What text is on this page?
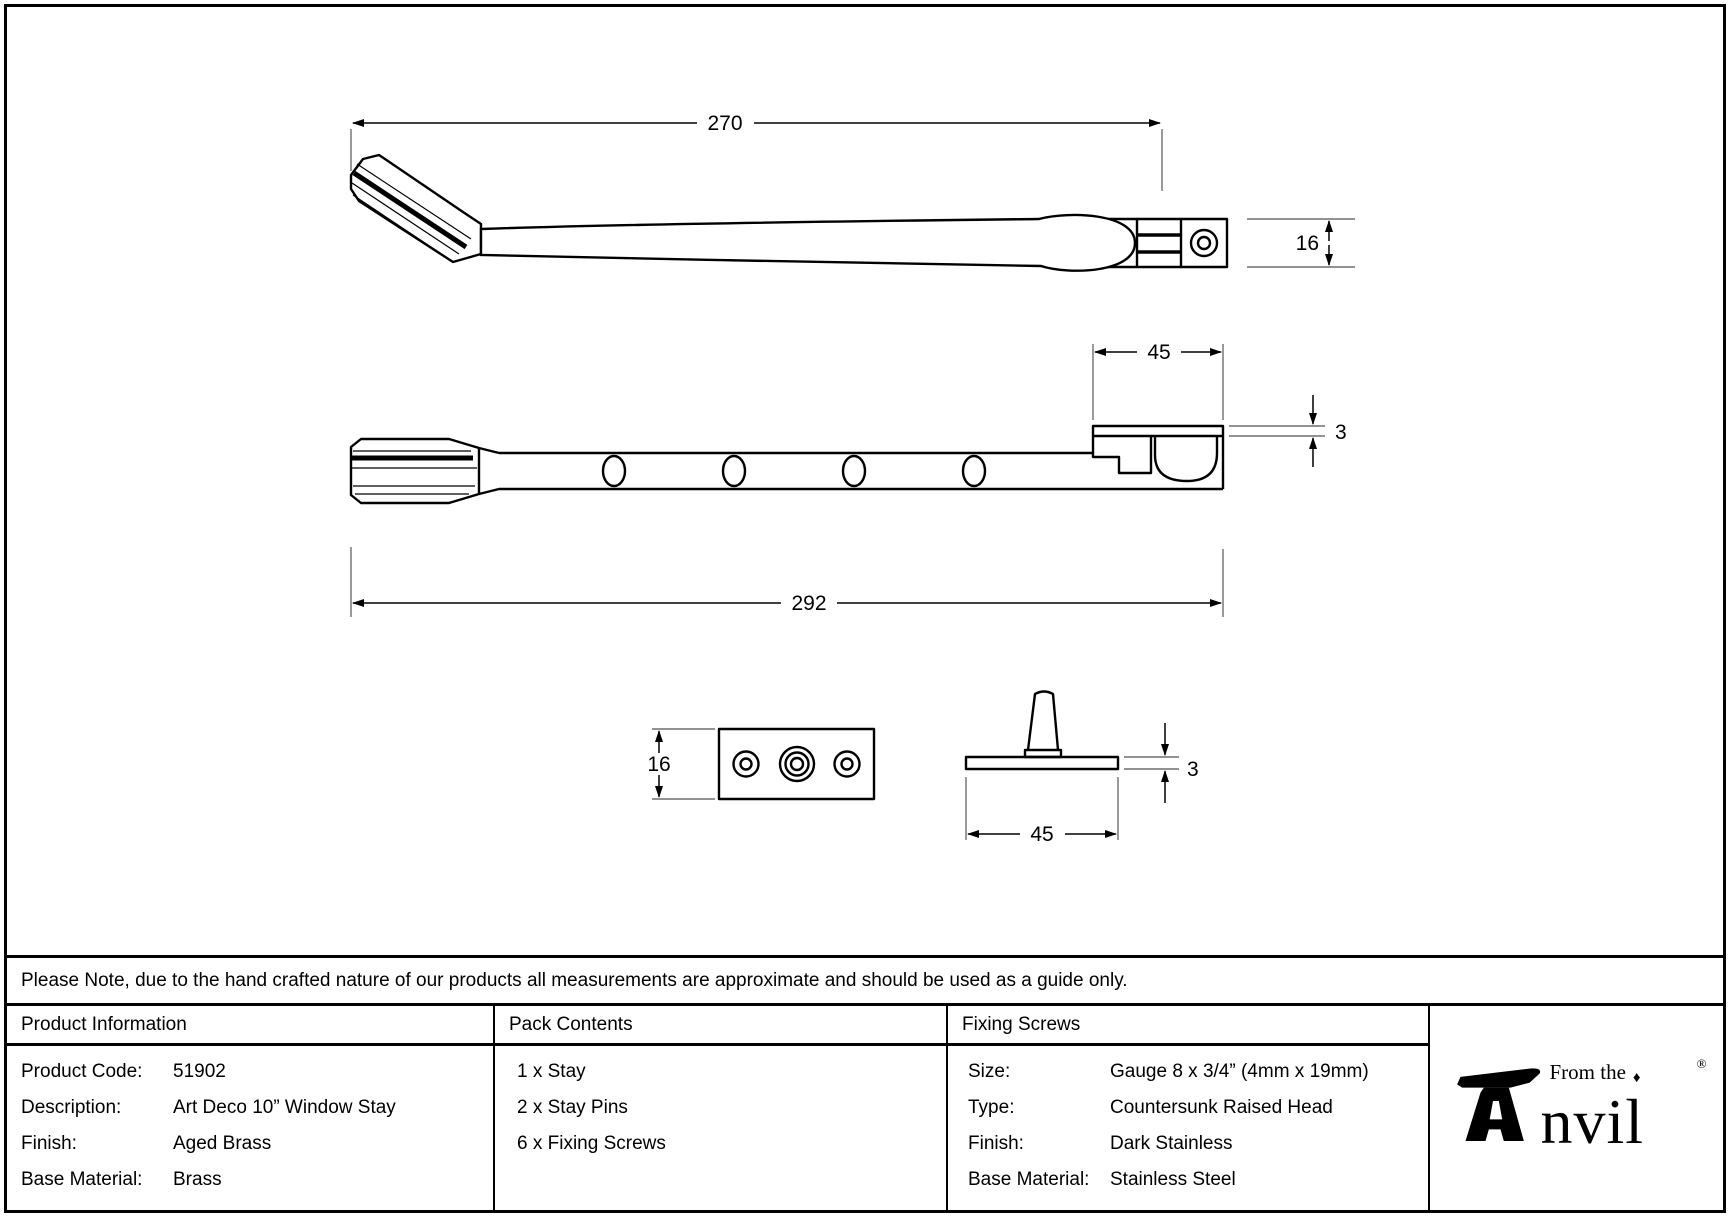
270
16
45
3
292
16	3
45
Please Note, due to the hand crafted nature of our products all measurements are approximate and should be used as a guide only.
Product Information	Pack Contents	Fixing Screws
From the ♦
nvil
®
Product Code:	51902
Description:	Art Deco 10” Window Stay
Finish:	Aged Brass
Base Material:	Brass
1 x Stay
2 x Stay Pins
6 x Fixing Screws
Size:	Gauge 8 x 3/4” (4mm x 19mm)
Type:	Countersunk Raised Head
Finish:	Dark Stainless
Base Material:	Stainless Steel
